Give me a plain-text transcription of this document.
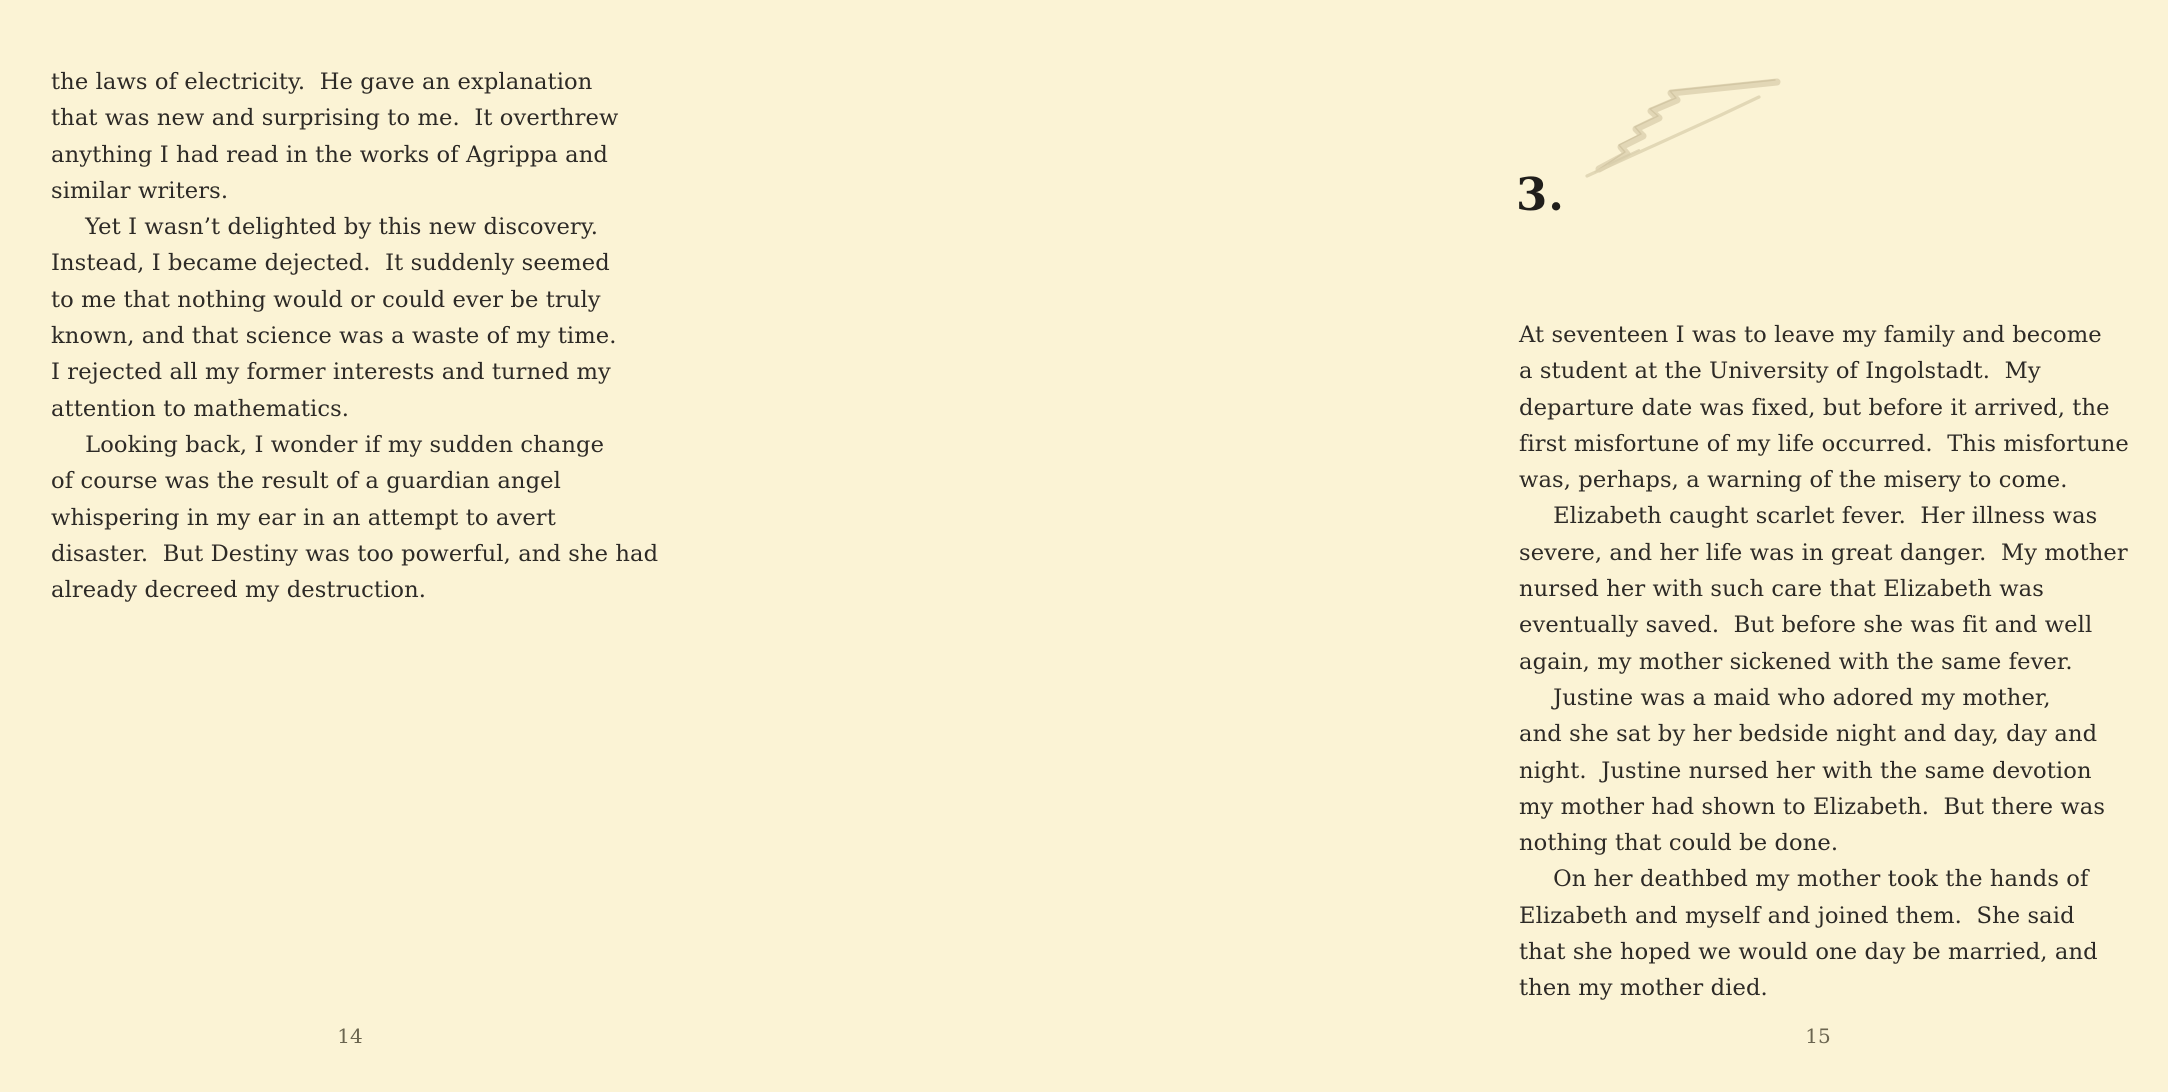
the laws of electricity.  He gave an explanation
that was new and surprising to me.  It overthrew
anything I had read in the works of Agrippa and
similar writers.

  Yet I wasn’t delighted by this new discovery.
Instead, I became dejected.  It suddenly seemed
to me that nothing would or could ever be truly
known, and that science was a waste of my time.
I rejected all my former interests and turned my
attention to mathematics.

  Looking back, I wonder if my sudden change
of course was the result of a guardian angel
whispering in my ear in an attempt to avert
disaster.  But Destiny was too powerful, and she had
already decreed my destruction.

14
3.

At seventeen I was to leave my family and become
a student at the University of Ingolstadt.  My
departure date was fixed, but before it arrived, the
first misfortune of my life occurred.  This misfortune
was, perhaps, a warning of the misery to come.

  Elizabeth caught scarlet fever.  Her illness was
severe, and her life was in great danger.  My mother
nursed her with such care that Elizabeth was
eventually saved.  But before she was fit and well
again, my mother sickened with the same fever.

  Justine was a maid who adored my mother,
and she sat by her bedside night and day, day and
night.  Justine nursed her with the same devotion
my mother had shown to Elizabeth.  But there was
nothing that could be done.

  On her deathbed my mother took the hands of
Elizabeth and myself and joined them.  She said
that she hoped we would one day be married, and
then my mother died.

15
